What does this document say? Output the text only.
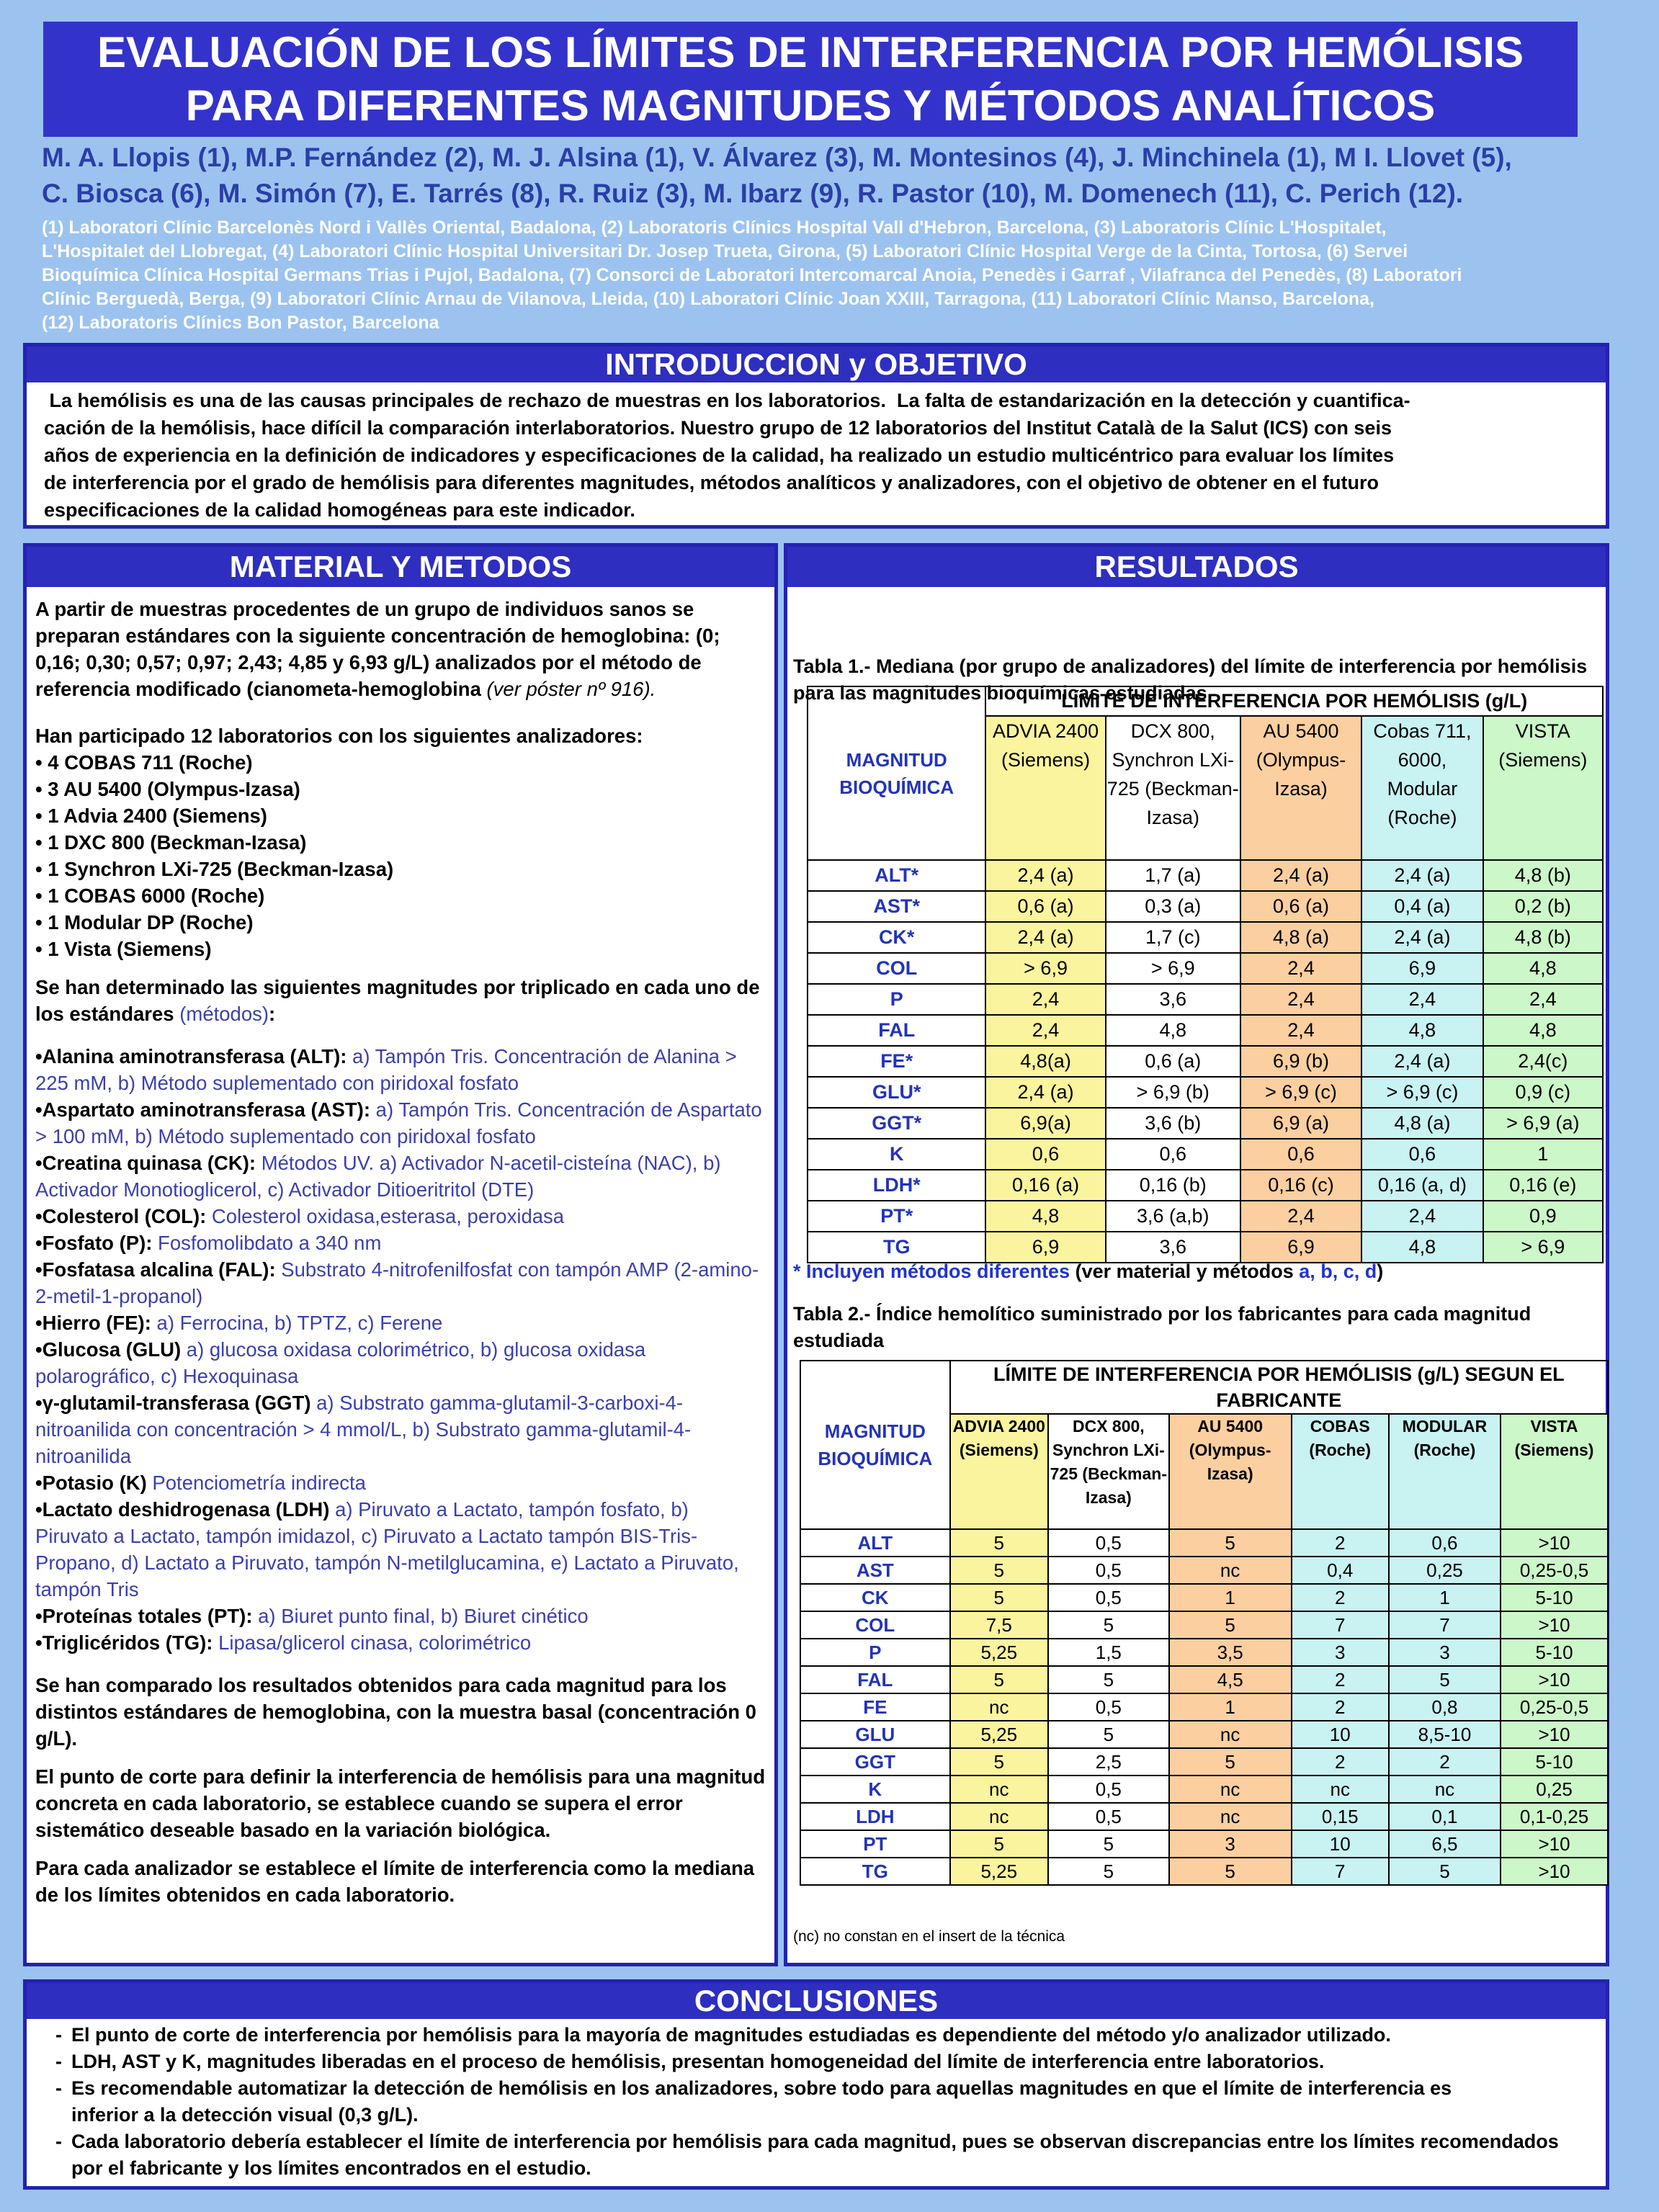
EVALUACIÓN DE LOS LÍMITES DE INTERFERENCIA POR HEMÓLISIS
PARA DIFERENTES MAGNITUDES Y MÉTODOS ANALÍTICOS
M. A. Llopis (1), M.P. Fernández (2), M. J. Alsina (1), V. Álvarez (3), M. Montesinos (4), J. Minchinela (1), M I. Llovet (5),
C. Biosca (6), M. Simón (7), E. Tarrés (8), R. Ruiz (3), M. Ibarz (9), R. Pastor (10), M. Domenech (11), C. Perich (12).
(1) Laboratori Clínic Barcelonès Nord i Vallès Oriental, Badalona, (2) Laboratoris Clínics Hospital Vall d'Hebron, Barcelona, (3) Laboratoris Clínic L'Hospitalet,
L'Hospitalet del Llobregat, (4) Laboratori Clínic Hospital Universitari Dr. Josep Trueta, Girona, (5) Laboratori Clínic Hospital Verge de la Cinta, Tortosa, (6) Servei
Bioquímica Clínica Hospital Germans Trias i Pujol, Badalona, (7) Consorci de Laboratori Intercomarcal Anoia, Penedès i Garraf , Vilafranca del Penedès, (8) Laboratori
Clínic Berguedà, Berga, (9) Laboratori Clínic Arnau de Vilanova, Lleida, (10) Laboratori Clínic Joan XXIII, Tarragona, (11) Laboratori Clínic Manso, Barcelona,
(12) Laboratoris Clínics Bon Pastor, Barcelona
INTRODUCCION y OBJETIVO
La hemólisis es una de las causas principales de rechazo de muestras en los laboratorios.  La falta de estandarización en la detección y cuantifica-
cación de la hemólisis, hace difícil la comparación interlaboratorios. Nuestro grupo de 12 laboratorios del Institut Català de la Salut (ICS) con seis
años de experiencia en la definición de indicadores y especificaciones de la calidad, ha realizado un estudio multicéntrico para evaluar los límites
de interferencia por el grado de hemólisis para diferentes magnitudes, métodos analíticos y analizadores, con el objetivo de obtener en el futuro
especificaciones de la calidad homogéneas para este indicador.
MATERIAL Y METODOS

A partir de muestras procedentes de un grupo de individuos sanos se preparan estándares con la siguiente concentración de hemoglobina: (0; 0,16; 0,30; 0,57; 0,97; 2,43; 4,85 y 6,93 g/L) analizados por el método de referencia modificado (cianometa-hemoglobina (ver póster nº 916).

Han participado 12 laboratorios con los siguientes analizadores:
• 4 COBAS 711 (Roche)
• 3 AU 5400 (Olympus-Izasa)
• 1 Advia 2400 (Siemens)
• 1 DXC 800 (Beckman-Izasa)
• 1 Synchron LXi-725 (Beckman-Izasa)
• 1 COBAS 6000 (Roche)
• 1 Modular DP (Roche)
• 1 Vista (Siemens)

Se han determinado las siguientes magnitudes por triplicado en cada uno de los estándares (métodos):

•Alanina aminotransferasa (ALT): a) Tampón Tris. Concentración de Alanina > 225 mM, b) Método suplementado con piridoxal fosfato
•Aspartato aminotransferasa (AST): a) Tampón Tris. Concentración de Aspartato > 100 mM, b) Método suplementado con piridoxal fosfato
•Creatina quinasa (CK): Métodos UV. a) Activador N-acetil-cisteína (NAC), b) Activador Monotioglicerol, c) Activador Ditioeritritol (DTE)
•Colesterol (COL): Colesterol oxidasa,esterasa, peroxidasa
•Fosfato (P): Fosfomolibdato a 340 nm
•Fosfatasa alcalina (FAL): Substrato 4-nitrofenilfosfat con tampón AMP (2-amino-2-metil-1-propanol)
•Hierro (FE): a) Ferrocina, b) TPTZ, c) Ferene
•Glucosa (GLU) a) glucosa oxidasa colorimétrico, b) glucosa oxidasa polarográfico, c) Hexoquinasa
•γ-glutamil-transferasa (GGT) a) Substrato gamma-glutamil-3-carboxi-4-nitroanilida con concentración > 4 mmol/L, b) Substrato gamma-glutamil-4-nitroanilida
•Potasio (K) Potenciometría indirecta
•Lactato deshidrogenasa (LDH) a) Piruvato a Lactato, tampón fosfato, b) Piruvato a Lactato, tampón imidazol, c) Piruvato a Lactato tampón BIS-Tris-Propano, d) Lactato a Piruvato, tampón N-metilglucamina, e) Lactato a Piruvato, tampón Tris
•Proteínas totales (PT): a) Biuret punto final, b) Biuret cinético
•Triglicéridos (TG): Lipasa/glicerol cinasa, colorimétrico

Se han comparado los resultados obtenidos para cada magnitud para los distintos estándares de hemoglobina, con la muestra basal (concentración 0 g/L).

El punto de corte para definir la interferencia de hemólisis para una magnitud concreta en cada laboratorio, se establece cuando se supera el error sistemático deseable basado en la variación biológica.

Para cada analizador se establece el límite de interferencia como la mediana de los límites obtenidos en cada laboratorio.

RESULTADOS

Tabla 1.- Mediana (por grupo de analizadores) del límite de interferencia por hemólisis para las magnitudes bioquímicas estudiadas

MAGNITUD BIOQUÍMICA	LÍMITE DE INTERFERENCIA POR HEMÓLISIS (g/L)				
	ADVIA 2400 (Siemens)	DCX 800, Synchron LXi-725 (Beckman-Izasa)	AU 5400 (Olympus-Izasa)	Cobas 711, 6000, Modular (Roche)	VISTA (Siemens)
ALT*	2,4 (a)	1,7 (a)	2,4 (a)	2,4 (a)	4,8 (b)
AST*	0,6 (a)	0,3 (a)	0,6 (a)	0,4 (a)	0,2 (b)
CK*	2,4 (a)	1,7 (c)	4,8 (a)	2,4 (a)	4,8 (b)
COL	> 6,9	> 6,9	2,4	6,9	4,8
P	2,4	3,6	2,4	2,4	2,4
FAL	2,4	4,8	2,4	4,8	4,8
FE*	4,8(a)	0,6 (a)	6,9 (b)	2,4 (a)	2,4(c)
GLU*	2,4 (a)	> 6,9 (b)	> 6,9 (c)	> 6,9 (c)	0,9 (c)
GGT*	6,9(a)	3,6 (b)	6,9 (a)	4,8 (a)	> 6,9 (a)
K	0,6	0,6	0,6	0,6	1
LDH*	0,16 (a)	0,16 (b)	0,16 (c)	0,16 (a, d)	0,16 (e)
PT*	4,8	3,6 (a,b)	2,4	2,4	0,9
TG	6,9	3,6	6,9	4,8	> 6,9
* Incluyen métodos diferentes (ver material y métodos a, b, c, d)
Tabla 2.- Índice hemolítico suministrado por los fabricantes para cada magnitud estudiada
MAGNITUD BIOQUÍMICA	LÍMITE DE INTERFERENCIA POR HEMÓLISIS (g/L) SEGUN EL FABRICANTE					
	ADVIA 2400 (Siemens)	DCX 800, Synchron LXi-725 (Beckman-Izasa)	AU 5400 (Olympus-Izasa)	COBAS (Roche)	MODULAR (Roche)	VISTA (Siemens)
ALT	5	0,5	5	2	0,6	>10
AST	5	0,5	nc	0,4	0,25	0,25-0,5
CK	5	0,5	1	2	1	5-10
COL	7,5	5	5	7	7	>10
P	5,25	1,5	3,5	3	3	5-10
FAL	5	5	4,5	2	5	>10
FE	nc	0,5	1	2	0,8	0,25-0,5
GLU	5,25	5	nc	10	8,5-10	>10
GGT	5	2,5	5	2	2	5-10
K	nc	0,5	nc	nc	nc	0,25
LDH	nc	0,5	nc	0,15	0,1	0,1-0,25
PT	5	5	3	10	6,5	>10
TG	5,25	5	5	7	5	>10
(nc) no constan en el insert de la técnica
CONCLUSIONES
- El punto de corte de interferencia por hemólisis para la mayoría de magnitudes estudiadas es dependiente del método y/o analizador utilizado.
- LDH, AST y K, magnitudes liberadas en el proceso de hemólisis, presentan homogeneidad del límite de interferencia entre laboratorios.
- Es recomendable automatizar la detección de hemólisis en los analizadores, sobre todo para aquellas magnitudes en que el límite de interferencia es inferior a la detección visual (0,3 g/L).
- Cada laboratorio debería establecer el límite de interferencia por hemólisis para cada magnitud, pues se observan discrepancias entre los límites recomendados por el fabricante y los límites encontrados en el estudio.
